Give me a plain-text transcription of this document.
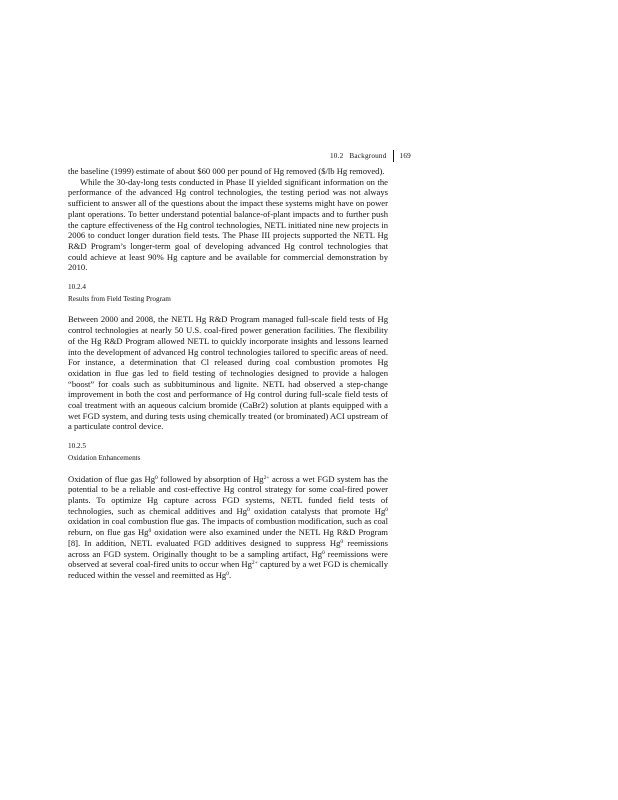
10.2 Background 169

the baseline (1999) estimate of about $60 000 per pound of Hg removed ($/lb Hg removed).

While the 30-day-long tests conducted in Phase II yielded significant information on the performance of the advanced Hg control technologies, the testing period was not always sufficient to answer all of the questions about the impact these systems might have on power plant operations. To better understand potential balance-of-plant impacts and to further push the capture effectiveness of the Hg control technologies, NETL initiated nine new projects in 2006 to conduct longer duration field tests. The Phase III projects supported the NETL Hg R&D Program’s longer-term goal of developing advanced Hg control technologies that could achieve at least 90% Hg capture and be available for commercial demonstration by 2010.

10.2.4
Results from Field Testing Program

Between 2000 and 2008, the NETL Hg R&D Program managed full-scale field tests of Hg control technologies at nearly 50 U.S. coal-fired power generation facilities. The flexibility of the Hg R&D Program allowed NETL to quickly incorporate insights and lessons learned into the development of advanced Hg control technologies tailored to specific areas of need. For instance, a determination that Cl released during coal combustion promotes Hg oxidation in flue gas led to field testing of technologies designed to provide a halogen “boost” for coals such as subbituminous and lignite. NETL had observed a step-change improvement in both the cost and performance of Hg control during full-scale field tests of coal treatment with an aqueous calcium bromide (CaBr2) solution at plants equipped with a wet FGD system, and during tests using chemically treated (or brominated) ACI upstream of a particulate control device.

10.2.5
Oxidation Enhancements

Oxidation of flue gas Hg$^0$ followed by absorption of $Hg^{2+}$ across a wet FGD system has the potential to be a reliable and cost-effective Hg control strategy for some coal-fired power plants. To optimize Hg capture across FGD systems, NETL funded field tests of technologies, such as chemical additives and Hg$^0$ oxidation catalysts that promote Hg$^0$ oxidation in coal combustion flue gas. The impacts of combustion modification, such as coal reburn, on flue gas Hg$^0$ oxidation were also examined under the NETL Hg R&D Program [8]. In addition, NETL evaluated FGD additives designed to suppress Hg$^0$ reemissions across an FGD system. Originally thought to be a sampling artifact, Hg$^0$ reemissions were observed at several coal-fired units to occur when $Hg^{2+}$ captured by a wet FGD is chemically reduced within the vessel and reemitted as Hg$^0$.
